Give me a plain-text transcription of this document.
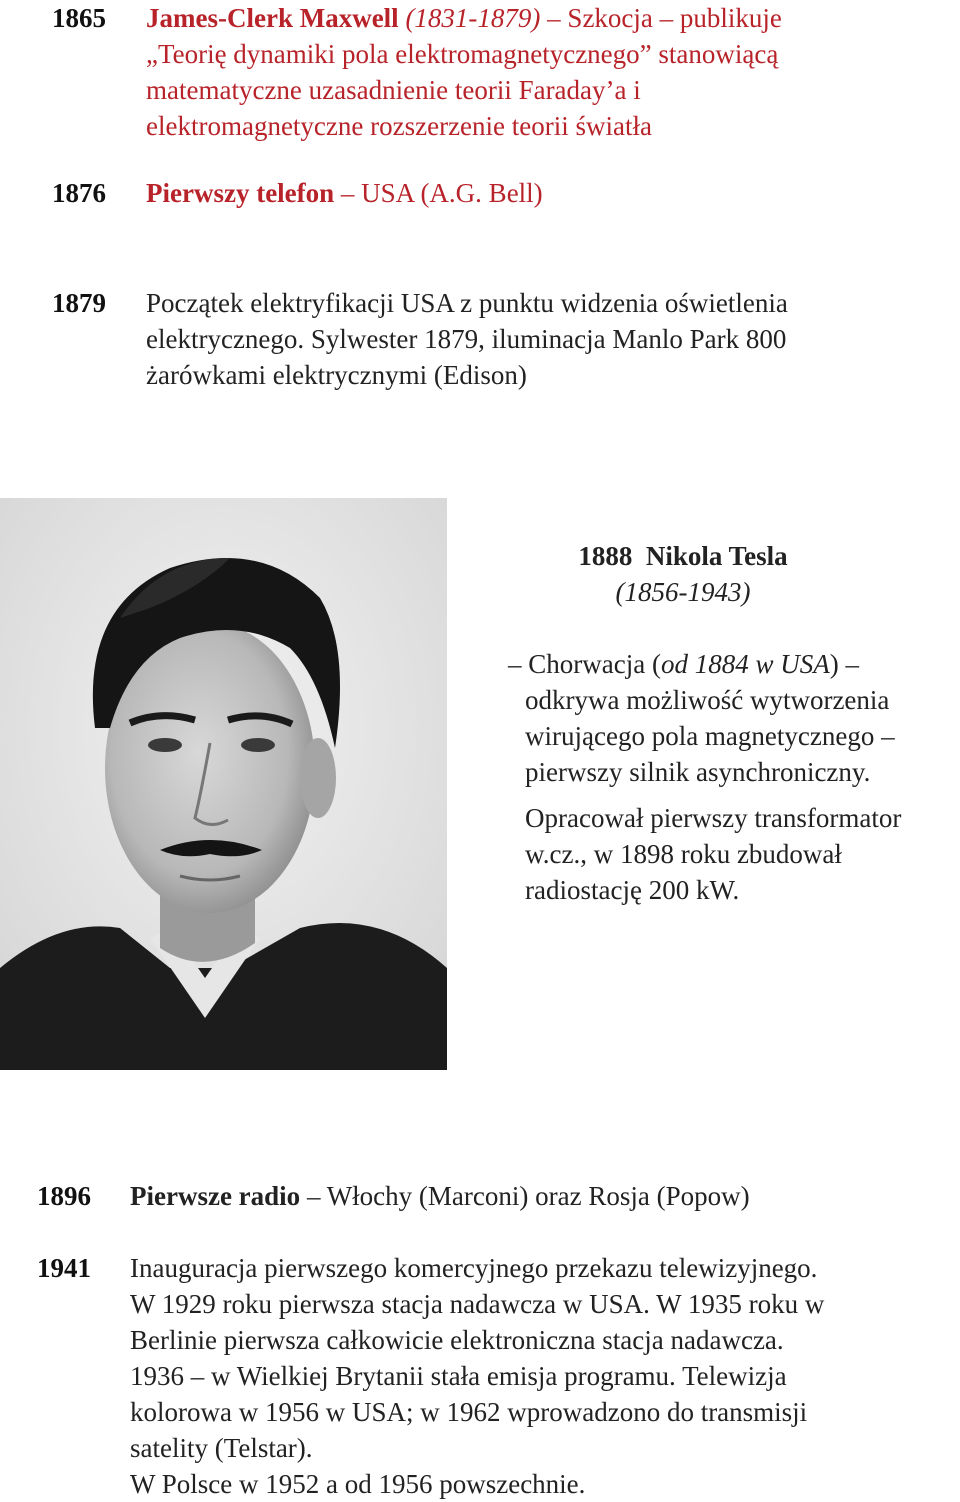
1865 James-Clerk Maxwell (1831-1879) – Szkocja – publikuje

„Teorię dynamiki pola elektromagnetycznego” stanowiącą

matematyczne uzasadnienie teorii Faraday’a i

elektromagnetyczne rozszerzenie teorii światła

1876 Pierwszy telefon – USA (A.G. Bell)
1879 Początek elektryfikacji USA z punktu widzenia oświetlenia
elektrycznego. Sylwester 1879, iluminacja Manlo Park 800
żarówkami elektrycznymi (Edison)
1888 Nikola Tesla
(1856-1943)
– Chorwacja (od 1884 w USA) –
odkrywa możliwość wytworzenia
wirującego pola magnetycznego –
pierwszy silnik asynchroniczny.
Opracował pierwszy transformator
w.cz., w 1898 roku zbudował
radiostację 200 kW.
1896 Pierwsze radio – Włochy (Marconi) oraz Rosja (Popow)
1941 Inauguracja pierwszego komercyjnego przekazu telewizyjnego.

W 1929 roku pierwsza stacja nadawcza w USA. W 1935 roku w

Berlinie pierwsza całkowicie elektroniczna stacja nadawcza.

1936 – w Wielkiej Brytanii stała emisja programu. Telewizja

kolorowa w 1956 w USA; w 1962 wprowadzono do transmisji

satelity (Telstar).

W Polsce w 1952 a od 1956 powszechnie.
